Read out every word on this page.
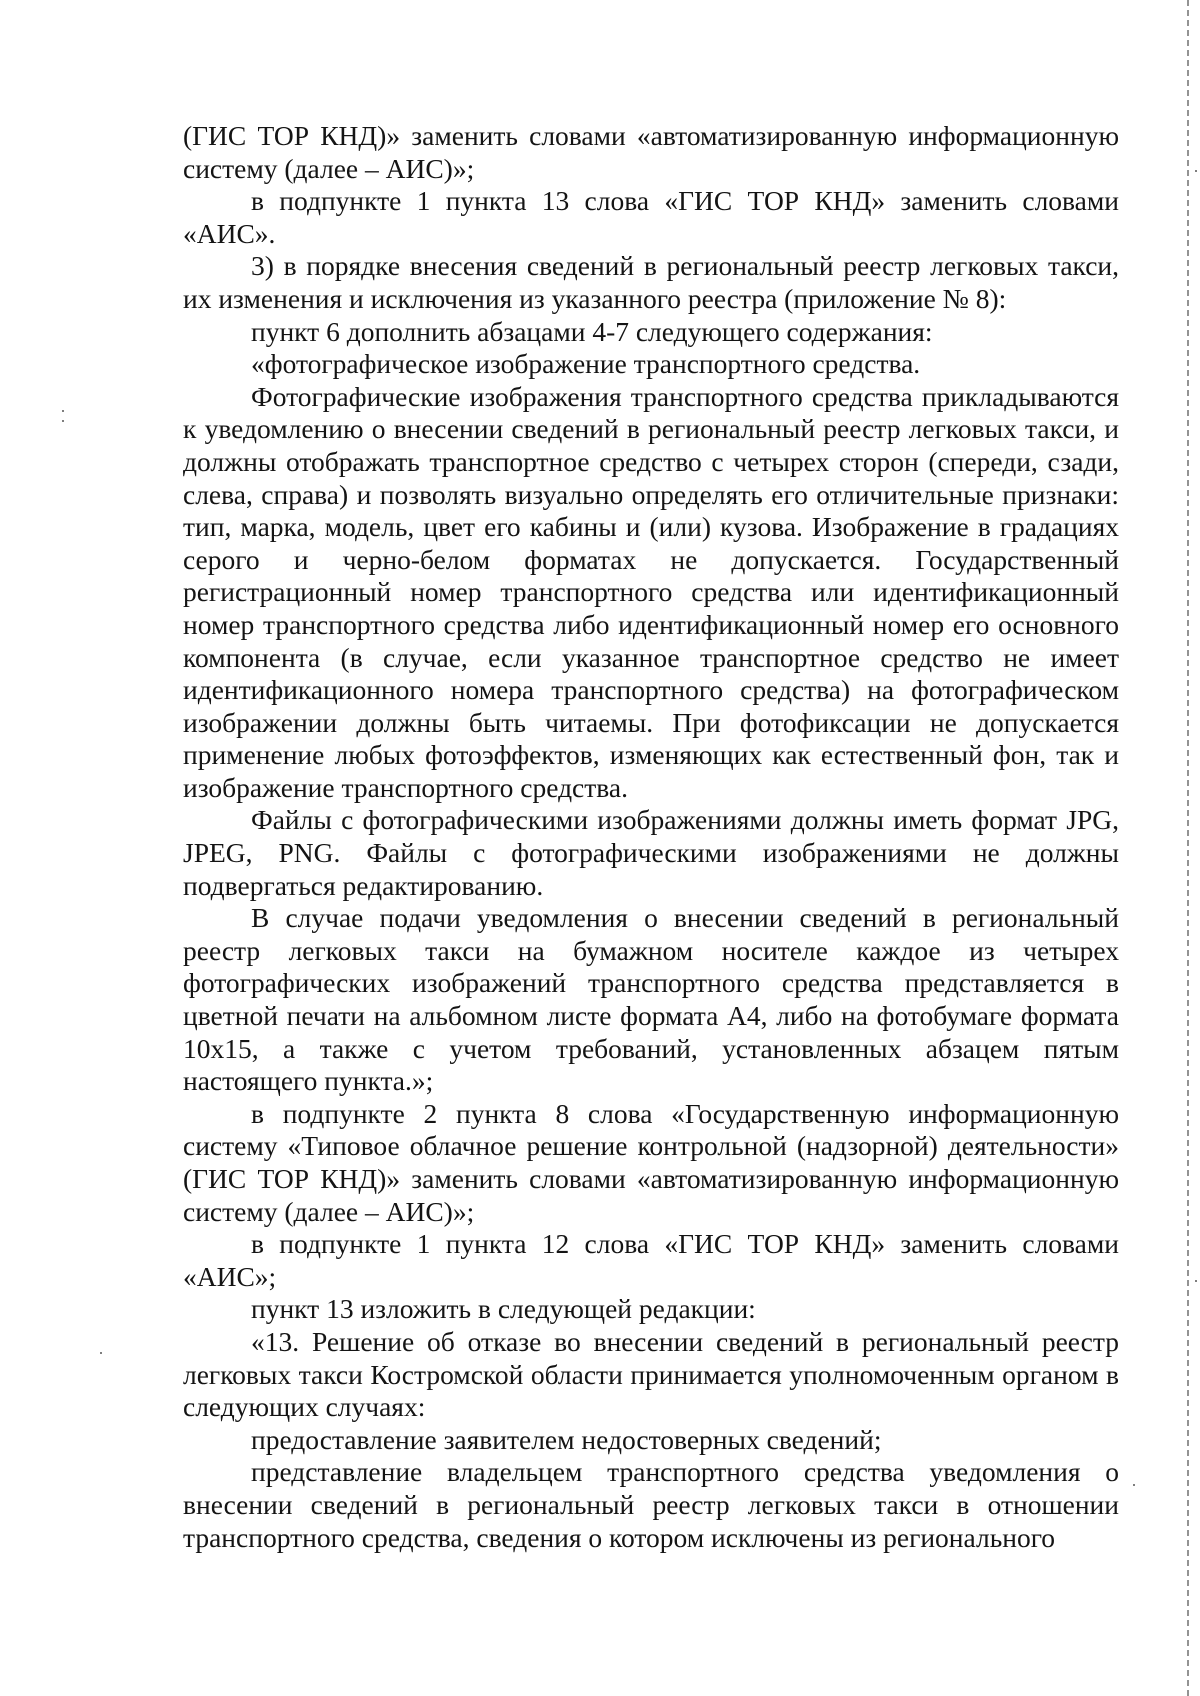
(ГИС ТОР КНД)» заменить словами «автоматизированную информационную систему (далее – АИС)»;

в подпункте 1 пункта 13 слова «ГИС ТОР КНД» заменить словами «АИС».

3) в порядке внесения сведений в региональный реестр легковых такси, их изменения и исключения из указанного реестра (приложение № 8):

пункт 6 дополнить абзацами 4-7 следующего содержания:

«фотографическое изображение транспортного средства.

Фотографические изображения транспортного средства прикладываются к уведомлению о внесении сведений в региональный реестр легковых такси, и должны отображать транспортное средство с четырех сторон (спереди, сзади, слева, справа) и позволять визуально определять его отличительные признаки: тип, марка, модель, цвет его кабины и (или) кузова. Изображение в градациях серого и черно-белом форматах не допускается. Государственный регистрационный номер транспортного средства или идентификационный номер транспортного средства либо идентификационный номер его основного компонента (в случае, если указанное транспортное средство не имеет идентификационного номера транспортного средства) на фотографическом изображении должны быть читаемы. При фотофиксации не допускается применение любых фотоэффектов, изменяющих как естественный фон, так и изображение транспортного средства.

Файлы с фотографическими изображениями должны иметь формат JPG, JPEG, PNG. Файлы с фотографическими изображениями не должны подвергаться редактированию.

В случае подачи уведомления о внесении сведений в региональный реестр легковых такси на бумажном носителе каждое из четырех фотографических изображений транспортного средства представляется в цветной печати на альбомном листе формата А4, либо на фотобумаге формата 10х15, а также с учетом требований, установленных абзацем пятым настоящего пункта.»;

в подпункте 2 пункта 8 слова «Государственную информационную систему «Типовое облачное решение контрольной (надзорной) деятельности» (ГИС ТОР КНД)» заменить словами «автоматизированную информационную систему (далее – АИС)»;

в подпункте 1 пункта 12 слова «ГИС ТОР КНД» заменить словами «АИС»;

пункт 13 изложить в следующей редакции:

«13. Решение об отказе во внесении сведений в региональный реестр легковых такси Костромской области принимается уполномоченным органом в следующих случаях:

предоставление заявителем недостоверных сведений;

представление владельцем транспортного средства уведомления о внесении сведений в региональный реестр легковых такси в отношении транспортного средства, сведения о котором исключены из регионального
